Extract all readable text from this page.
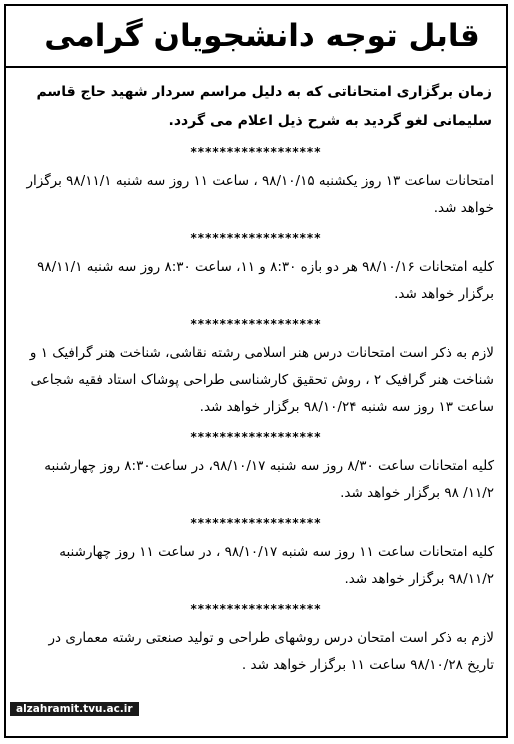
قابل توجه دانشجویان گرامی
زمان برگزاری امتحاناتی که به دلیل مراسم سردار شهید حاج قاسم سلیمانی لغو گردید به شرح ذیل اعلام می گردد.
******************
امتحانات ساعت ۱۳ روز یکشنبه ۹۸/۱۰/۱۵ ، ساعت ۱۱ روز سه شنبه ۹۸/۱۱/۱ برگزار خواهد شد.
******************
کلیه امتحانات ۹۸/۱۰/۱۶ هر دو بازه ۸:۳۰ و ۱۱، ساعت ۸:۳۰ روز سه شنبه ۹۸/۱۱/۱ برگزار خواهد شد.
******************
لازم به ذکر است امتحانات درس هنر اسلامی رشته نقاشی، شناخت هنر گرافیک ۱ و شناخت هنر گرافیک ۲ ، روش تحقیق کارشناسی طراحی پوشاک استاد فقیه شجاعی ساعت ۱۳ روز سه شنبه ۹۸/۱۰/۲۴ برگزار خواهد شد.
******************
کلیه امتحانات ساعت ۸/۳۰ روز سه شنبه ۹۸/۱۰/۱۷، در ساعت۸:۳۰ روز چهارشنبه ۱۱/۲/ ۹۸ برگزار خواهد شد.
******************
کلیه امتحانات ساعت ۱۱ روز سه شنبه ۹۸/۱۰/۱۷ ، در ساعت ۱۱ روز چهارشنبه ۹۸/۱۱/۲ برگزار خواهد شد.
******************
لازم به ذکر است امتحان درس روشهای طراحی و تولید صنعتی رشته معماری در تاریخ ۹۸/۱۰/۲۸ ساعت ۱۱ برگزار خواهد شد .
alzahramit.tvu.ac.ir
